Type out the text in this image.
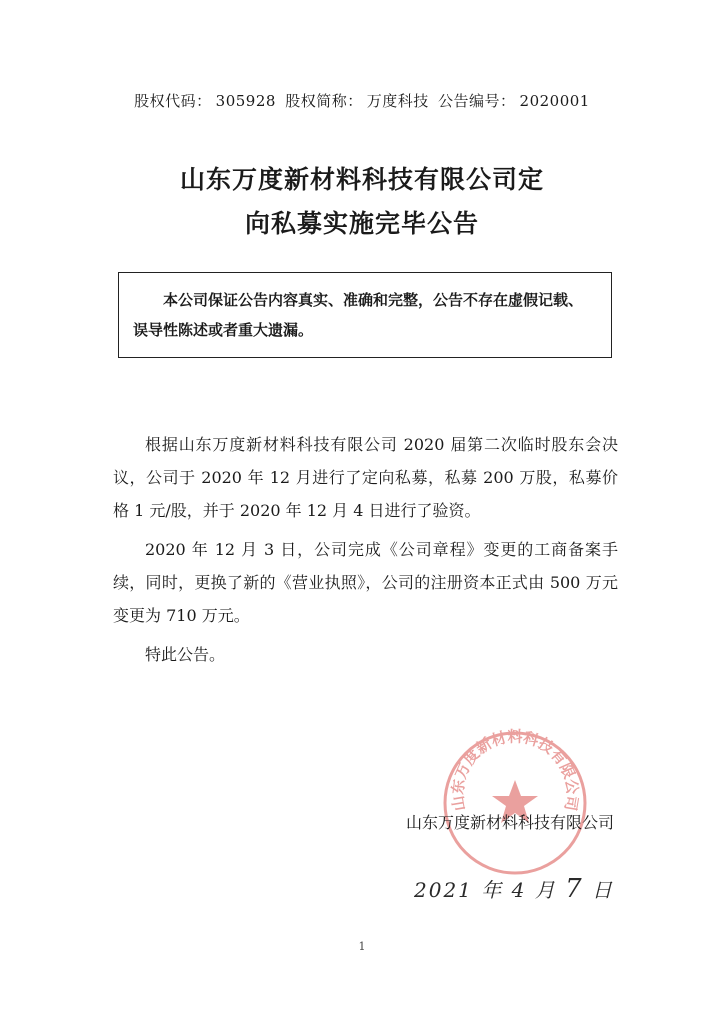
股权代码： 305928 股权简称： 万度科技 公告编号： 2020001
山东万度新材料科技有限公司定
向私募实施完毕公告
本公司保证公告内容真实、准确和完整，公告不存在虚假记载、误导性陈述或者重大遗漏。

根据山东万度新材料科技有限公司 2020 届第二次临时股东会决议，公司于 2020 年 12 月进行了定向私募，私募 200 万股，私募价格 1 元/股，并于 2020 年 12 月 4 日进行了验资。

2020 年 12 月 3 日，公司完成《公司章程》变更的工商备案手续，同时，更换了新的《营业执照》，公司的注册资本正式由 500 万元变更为 710 万元。

特此公告。

山东万度新材料科技有限公司
山东万度新材料科技有限公司
2021 年 4 月 7 日
1
